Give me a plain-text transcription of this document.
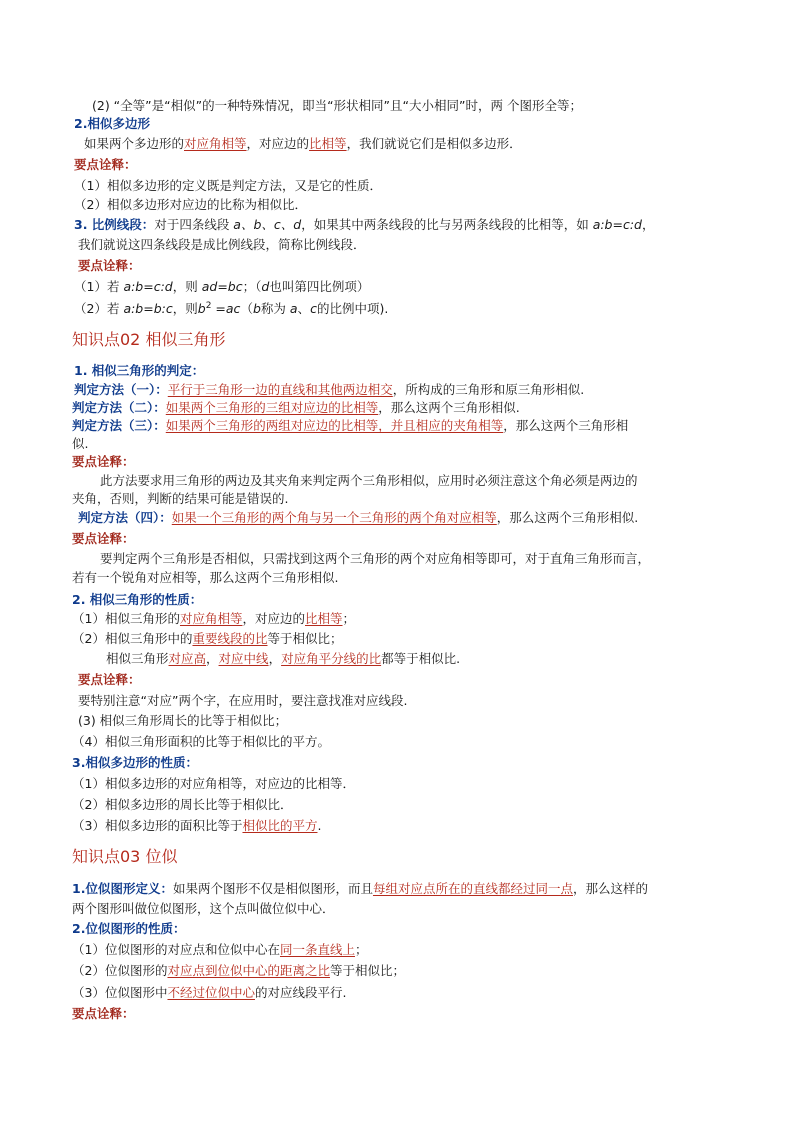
(2) “全等”是“相似”的一种特殊情况，即当“形状相同”且“大小相同”时，两 个图形全等；
2.相似多边形
如果两个多边形的对应角相等，对应边的比相等，我们就说它们是相似多边形．
要点诠释：
（1）相似多边形的定义既是判定方法，又是它的性质．
（2）相似多边形对应边的比称为相似比．
3. 比例线段：对于四条线段 a、b、c、d，如果其中两条线段的比与另两条线段的比相等，如 a:b=c:d，
我们就说这四条线段是成比例线段，简称比例线段．
要点诠释：
（1）若 a:b=c:d，则 ad=bc；（d也叫第四比例项）
（2）若 a:b=b:c，则$b^2 =ac(b$称为 a、c的比例中项).
知识点02 相似三角形
1. 相似三角形的判定：
判定方法（一）：平行于三角形一边的直线和其他两边相交，所构成的三角形和原三角形相似.
判定方法（二）：如果两个三角形的三组对应边的比相等，那么这两个三角形相似.
判定方法（三）：如果两个三角形的两组对应边的比相等，并且相应的夹角相等，那么这两个三角形相
似.
要点诠释：
此方法要求用三角形的两边及其夹角来判定两个三角形相似，应用时必须注意这个角必须是两边的
夹角，否则，判断的结果可能是错误的.
判定方法（四）：如果一个三角形的两个角与另一个三角形的两个角对应相等，那么这两个三角形相似.
要点诠释：
要判定两个三角形是否相似，只需找到这两个三角形的两个对应角相等即可，对于直角三角形而言，
若有一个锐角对应相等，那么这两个三角形相似.
2. 相似三角形的性质：
（1）相似三角形的对应角相等，对应边的比相等；
（2）相似三角形中的重要线段的比等于相似比；
相似三角形对应高，对应中线，对应角平分线的比都等于相似比.
要点诠释：
要特别注意“对应”两个字，在应用时，要注意找准对应线段.
(3) 相似三角形周长的比等于相似比；
（4）相似三角形面积的比等于相似比的平方。
3.相似多边形的性质：
（1）相似多边形的对应角相等，对应边的比相等．
（2）相似多边形的周长比等于相似比．
（3）相似多边形的面积比等于相似比的平方.
知识点03 位似
1.位似图形定义：如果两个图形不仅是相似图形，而且每组对应点所在的直线都经过同一点，那么这样的
两个图形叫做位似图形，这个点叫做位似中心．
2.位似图形的性质：
（1）位似图形的对应点和位似中心在同一条直线上；
（2）位似图形的对应点到位似中心的距离之比等于相似比；
（3）位似图形中不经过位似中心的对应线段平行.
要点诠释：
